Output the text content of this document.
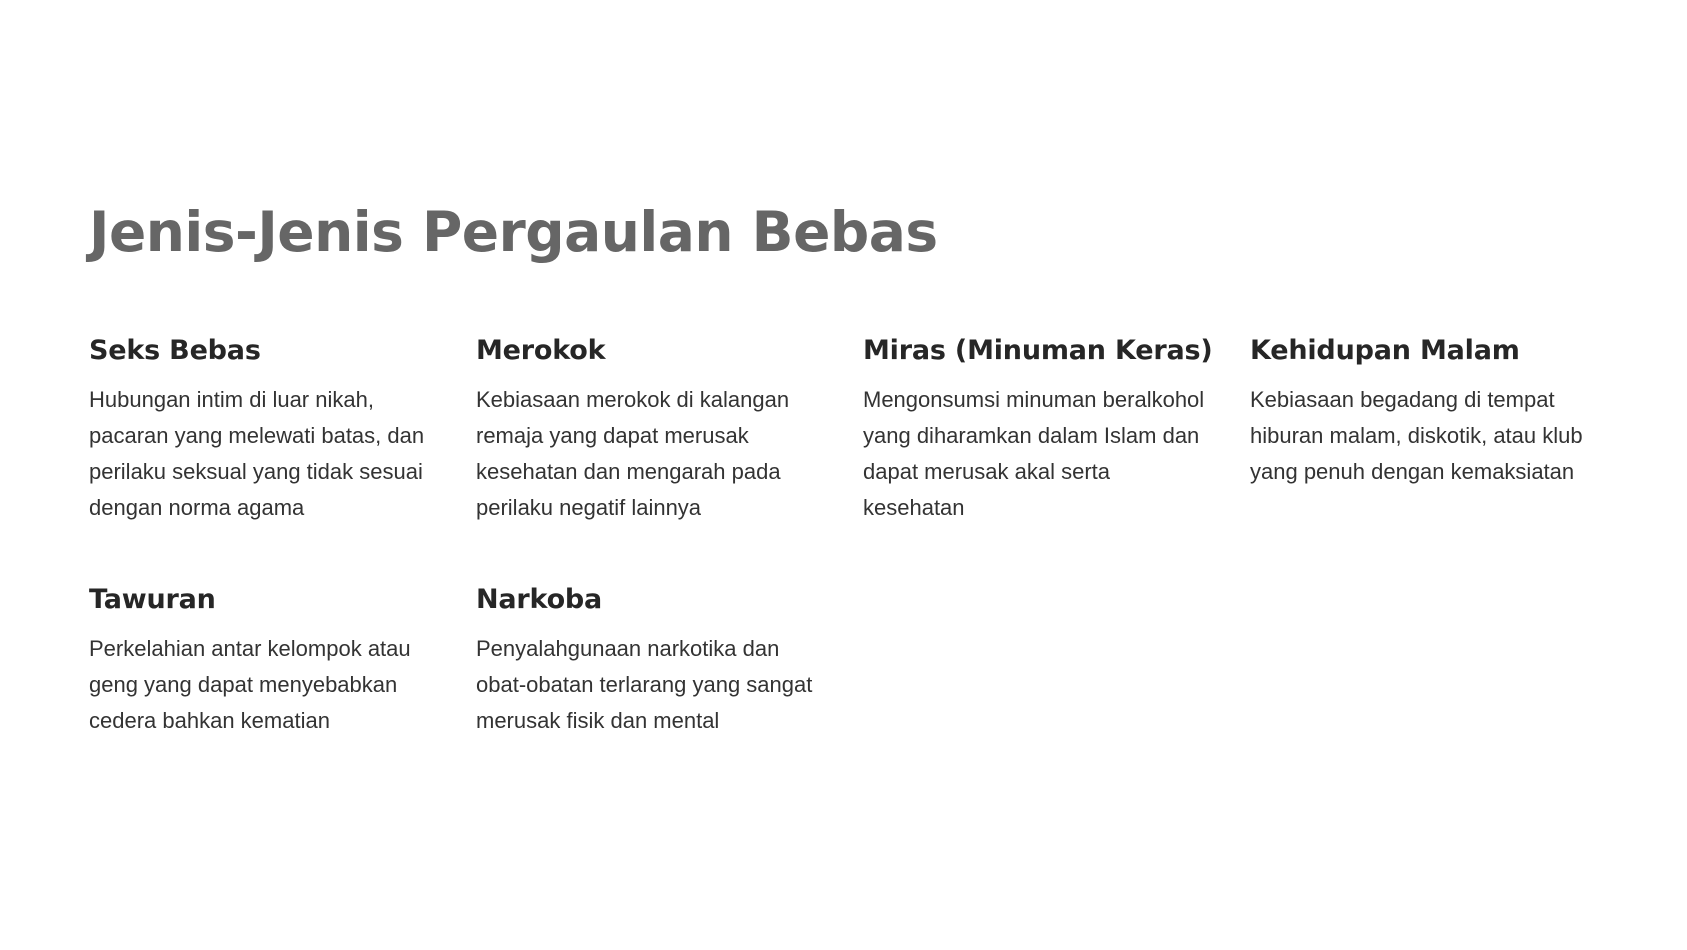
Jenis-Jenis Pergaulan Bebas
Seks Bebas

Hubungan intim di luar nikah, pacaran yang melewati batas, dan perilaku seksual yang tidak sesuai dengan norma agama

Merokok

Kebiasaan merokok di kalangan remaja yang dapat merusak kesehatan dan mengarah pada perilaku negatif lainnya

Miras (Minuman Keras)

Mengonsumsi minuman beralkohol yang diharamkan dalam Islam dan dapat merusak akal serta kesehatan

Kehidupan Malam

Kebiasaan begadang di tempat hiburan malam, diskotik, atau klub yang penuh dengan kemaksiatan

Tawuran

Perkelahian antar kelompok atau geng yang dapat menyebabkan cedera bahkan kematian

Narkoba

Penyalahgunaan narkotika dan obat-obatan terlarang yang sangat merusak fisik dan mental
